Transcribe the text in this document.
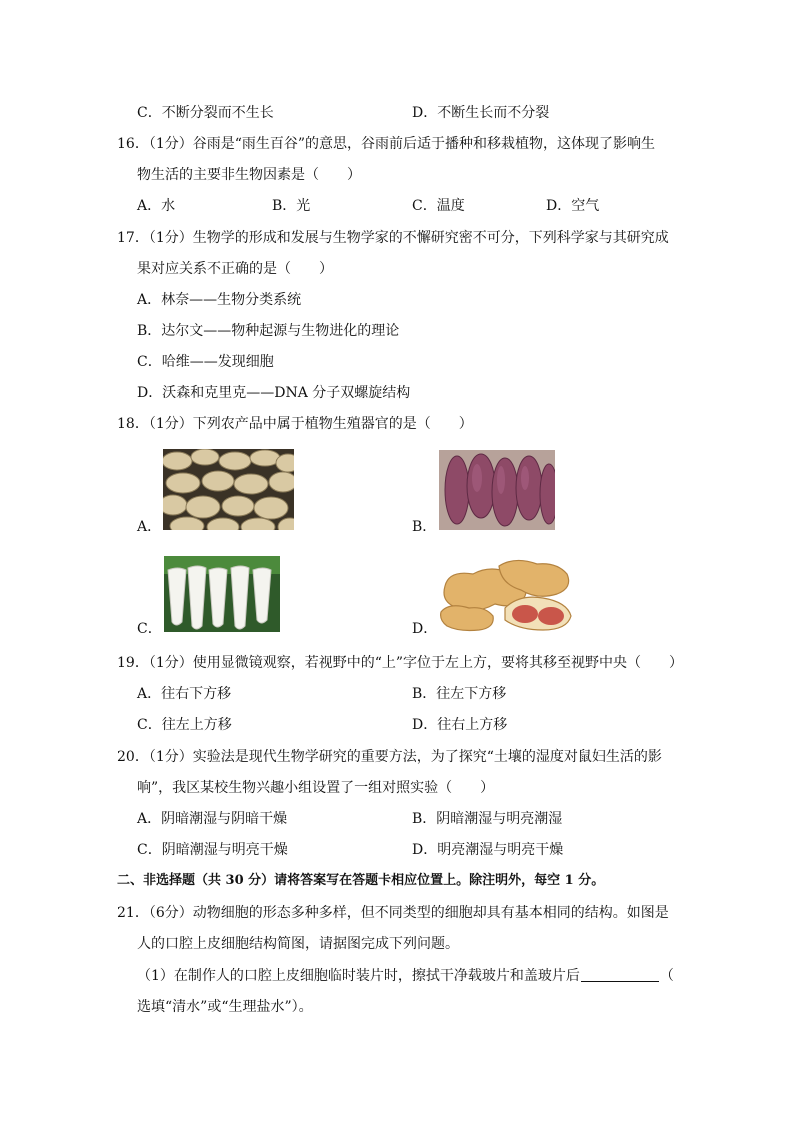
C．不断分裂而不生长	D．不断生长而不分裂
16．（1分）谷雨是“雨生百谷”的意思，谷雨前后适于播种和移栽植物，这体现了影响生
物生活的主要非生物因素是（　　）
A．水	B．光	C．温度	D．空气
17．（1分）生物学的形成和发展与生物学家的不懈研究密不可分，下列科学家与其研究成
果对应关系不正确的是（　　）
A．林奈——生物分类系统
B．达尔文——物种起源与生物进化的理论
C．哈维——发现细胞
D．沃森和克里克——DNA 分子双螺旋结构
18．（1分）下列农产品中属于植物生殖器官的是（　　）
A．	B．
C．	D．
19．（1分）使用显微镜观察，若视野中的“上”字位于左上方，要将其移至视野中央（　　）
A．往右下方移	B．往左下方移
C．往左上方移	D．往右上方移
20．（1分）实验法是现代生物学研究的重要方法，为了探究“土壤的湿度对鼠妇生活的影
响”，我区某校生物兴趣小组设置了一组对照实验（　　）
A．阴暗潮湿与阴暗干燥	B．阴暗潮湿与明亮潮湿
C．阴暗潮湿与明亮干燥	D．明亮潮湿与明亮干燥
二、非选择题（共 30 分）请将答案写在答题卡相应位置上。除注明外，每空 1 分。
21．（6分）动物细胞的形态多种多样，但不同类型的细胞却具有基本相同的结构。如图是
人的口腔上皮细胞结构简图，请据图完成下列问题。
（1）在制作人的口腔上皮细胞临时装片时，擦拭干净载玻片和盖玻片后	（
选填“清水”或“生理盐水”）。
